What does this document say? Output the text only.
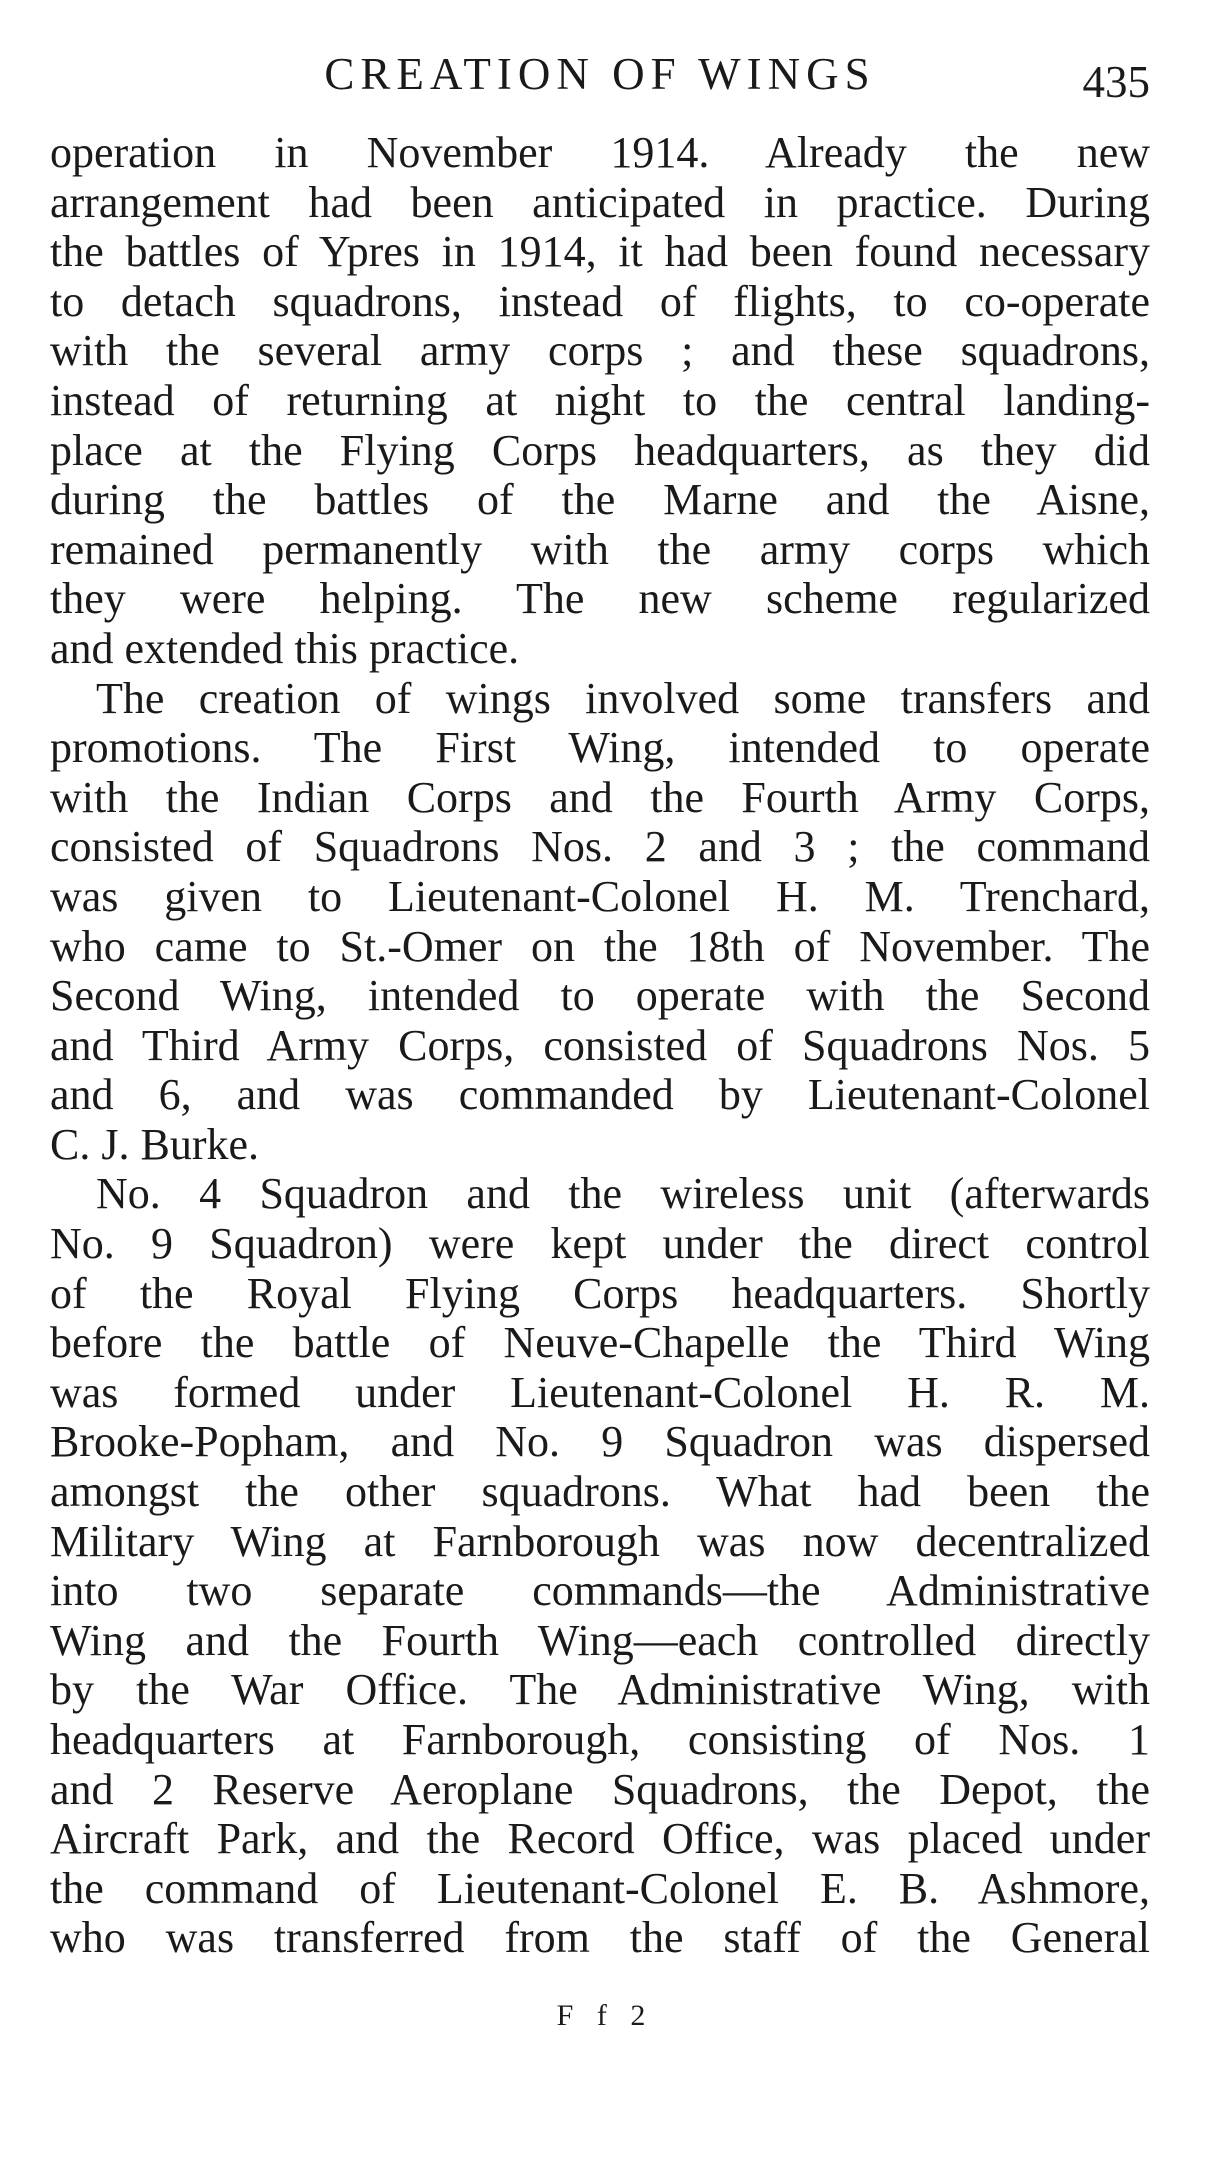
CREATION OF WINGS	435
operation in November 1914. Already the new
arrangement had been anticipated in practice. During
the battles of Ypres in 1914, it had been found necessary
to detach squadrons, instead of flights, to co-operate
with the several army corps ; and these squadrons,
instead of returning at night to the central landing-
place at the Flying Corps headquarters, as they did
during the battles of the Marne and the Aisne,
remained permanently with the army corps which
they were helping. The new scheme regularized
and extended this practice.
The creation of wings involved some transfers and
promotions. The First Wing, intended to operate
with the Indian Corps and the Fourth Army Corps,
consisted of Squadrons Nos. 2 and 3 ; the command
was given to Lieutenant-Colonel H. M. Trenchard,
who came to St.-Omer on the 18th of November. The
Second Wing, intended to operate with the Second
and Third Army Corps, consisted of Squadrons Nos. 5
and 6, and was commanded by Lieutenant-Colonel
C. J. Burke.
No. 4 Squadron and the wireless unit (afterwards
No. 9 Squadron) were kept under the direct control
of the Royal Flying Corps headquarters. Shortly
before the battle of Neuve-Chapelle the Third Wing
was formed under Lieutenant-Colonel H. R. M.
Brooke-Popham, and No. 9 Squadron was dispersed
amongst the other squadrons. What had been the
Military Wing at Farnborough was now decentralized
into two separate commands—the Administrative
Wing and the Fourth Wing—each controlled directly
by the War Office. The Administrative Wing, with
headquarters at Farnborough, consisting of Nos. 1
and 2 Reserve Aeroplane Squadrons, the Depot, the
Aircraft Park, and the Record Office, was placed under
the command of Lieutenant-Colonel E. B. Ashmore,
who was transferred from the staff of the General
F f 2
